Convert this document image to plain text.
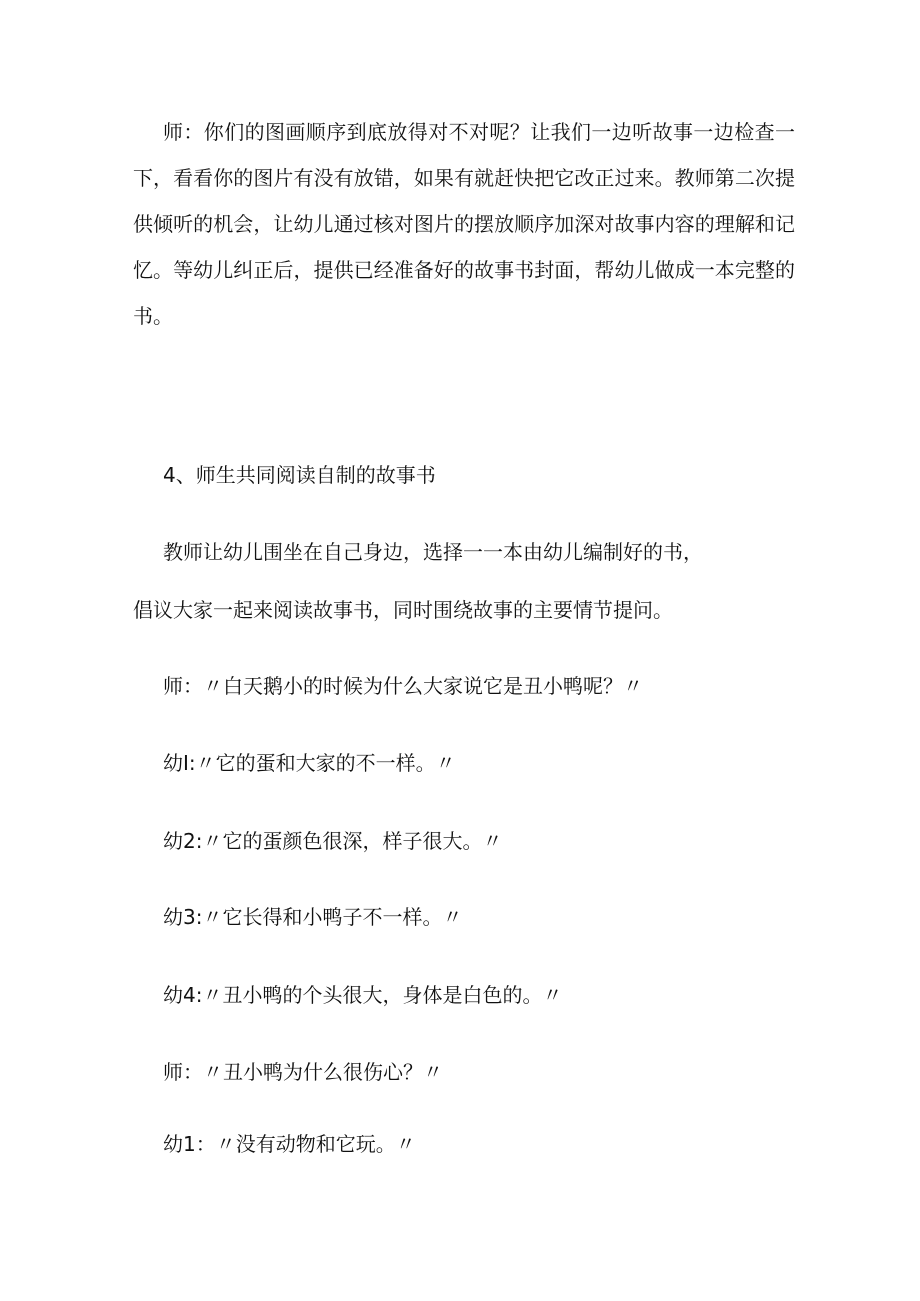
师：你们的图画顺序到底放得对不对呢？让我们一边听故事一边检查一下，看看你的图片有没有放错，如果有就赶快把它改正过来。教师第二次提供倾听的机会，让幼儿通过核对图片的摆放顺序加深对故事内容的理解和记忆。等幼儿纠正后，提供已经准备好的故事书封面，帮幼儿做成一本完整的书。

4、师生共同阅读自制的故事书

教师让幼儿围坐在自己身边，选择一一本由幼儿编制好的书，

倡议大家一起来阅读故事书，同时围绕故事的主要情节提问。

师：〃白天鹅小的时候为什么大家说它是丑小鸭呢？〃

幼I:〃它的蛋和大家的不一样。〃

幼2:〃它的蛋颜色很深，样子很大。〃

幼3:〃它长得和小鸭子不一样。〃

幼4:〃丑小鸭的个头很大，身体是白色的。〃

师：〃丑小鸭为什么很伤心？〃

幼1：〃没有动物和它玩。〃
